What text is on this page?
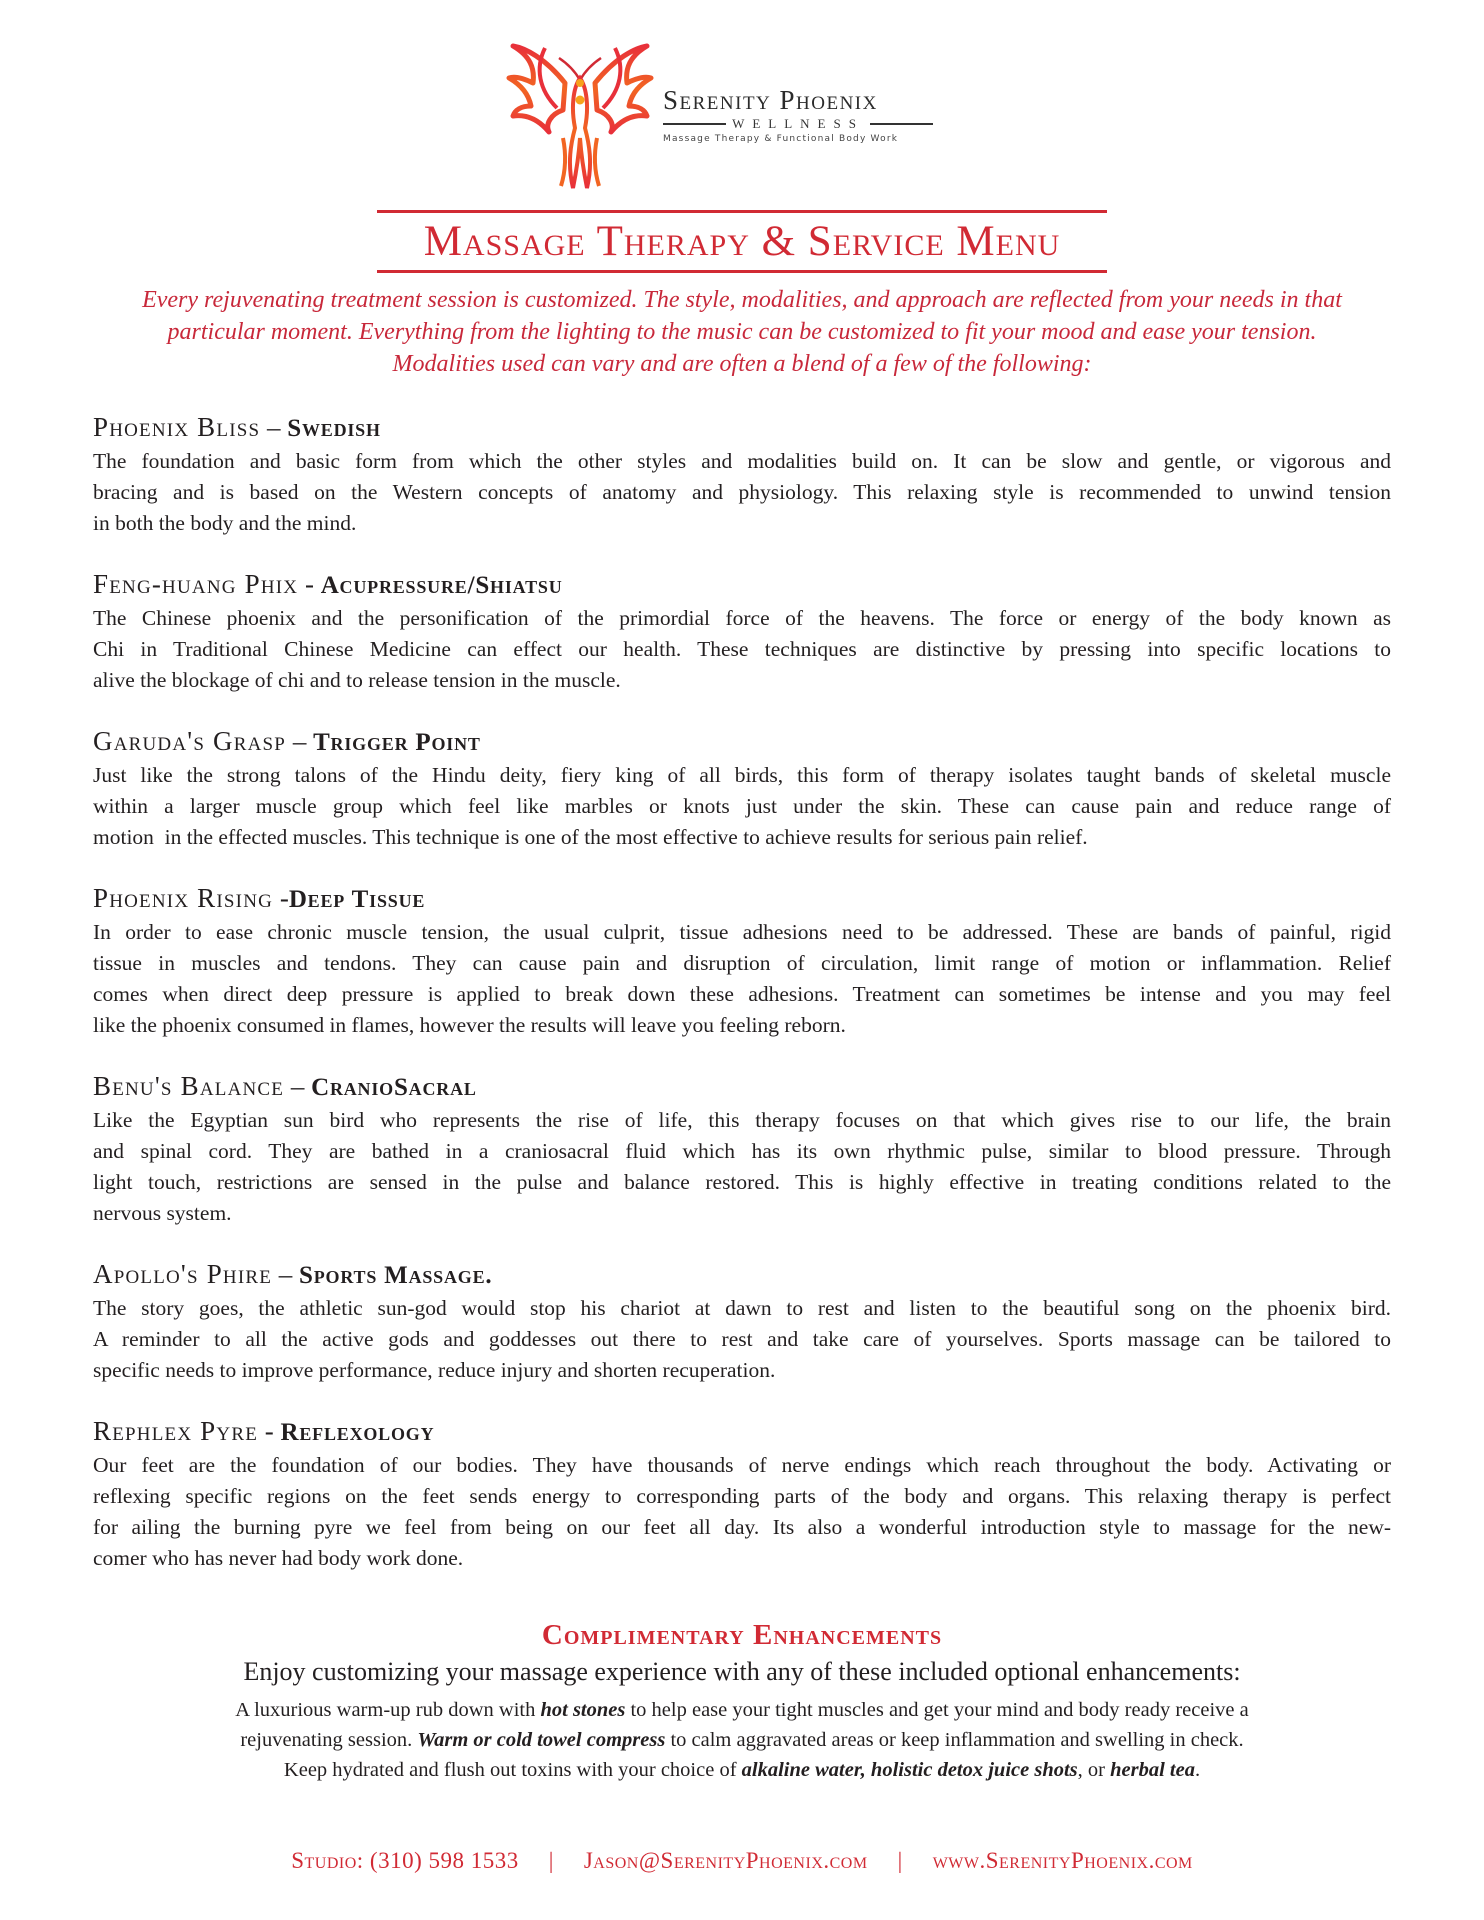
Serenity Phoenix
WELLNESS
Massage Therapy & Functional Body Work
Massage Therapy & Service Menu
Every rejuvenating treatment session is customized. The style, modalities, and approach are reflected from your needs in that
particular moment. Everything from the lighting to the music can be customized to fit your mood and ease your tension.
Modalities used can vary and are often a blend of a few of the following:
Phoenix Bliss – Swedish
The foundation and basic form from which the other styles and modalities build on. It can be slow and gentle, or vigorous and
bracing and is based on the Western concepts of anatomy and physiology. This relaxing style is recommended to unwind tension
in both the body and the mind.
Feng-huang Phix - Acupressure/Shiatsu
The Chinese phoenix and the personification of the primordial force of the heavens. The force or energy of the body known as
Chi in Traditional Chinese Medicine can effect our health. These techniques are distinctive by pressing into specific locations to
alive the blockage of chi and to release tension in the muscle.
Garuda's Grasp – Trigger Point
Just like the strong talons of the Hindu deity, fiery king of all birds, this form of therapy isolates taught bands of skeletal muscle
within a larger muscle group which feel like marbles or knots just under the skin. These can cause pain and reduce range of
motion  in the effected muscles. This technique is one of the most effective to achieve results for serious pain relief.
Phoenix Rising -Deep Tissue
In order to ease chronic muscle tension, the usual culprit, tissue adhesions need to be addressed. These are bands of painful, rigid
tissue in muscles and tendons. They can cause pain and disruption of circulation, limit range of motion or inflammation. Relief
comes when direct deep pressure is applied to break down these adhesions. Treatment can sometimes be intense and you may feel
like the phoenix consumed in flames, however the results will leave you feeling reborn.
Benu's Balance – CranioSacral
Like the Egyptian sun bird who represents the rise of life, this therapy focuses on that which gives rise to our life, the brain
and spinal cord. They are bathed in a craniosacral fluid which has its own rhythmic pulse, similar to blood pressure. Through
light touch, restrictions are sensed in the pulse and balance restored. This is highly effective in treating conditions related to the
nervous system.
Apollo's Phire – Sports Massage.
The story goes, the athletic sun-god would stop his chariot at dawn to rest and listen to the beautiful song on the phoenix bird.
A reminder to all the active gods and goddesses out there to rest and take care of yourselves. Sports massage can be tailored to
specific needs to improve performance, reduce injury and shorten recuperation.
Rephlex Pyre - Reflexology
Our feet are the foundation of our bodies. They have thousands of nerve endings which reach throughout the body. Activating or
reflexing specific regions on the feet sends energy to corresponding parts of the body and organs. This relaxing therapy is perfect
for ailing the burning pyre we feel from being on our feet all day. Its also a wonderful introduction style to massage for the new-
comer who has never had body work done.
Complimentary Enhancements
Enjoy customizing your massage experience with any of these included optional enhancements:
A luxurious warm-up rub down with hot stones to help ease your tight muscles and get your mind and body ready receive a
rejuvenating session. Warm or cold towel compress to calm aggravated areas or keep inflammation and swelling in check.
Keep hydrated and flush out toxins with your choice of alkaline water, holistic detox juice shots, or herbal tea.
Studio: (310) 598 1533 | Jason@SerenityPhoenix.com | www.SerenityPhoenix.com
